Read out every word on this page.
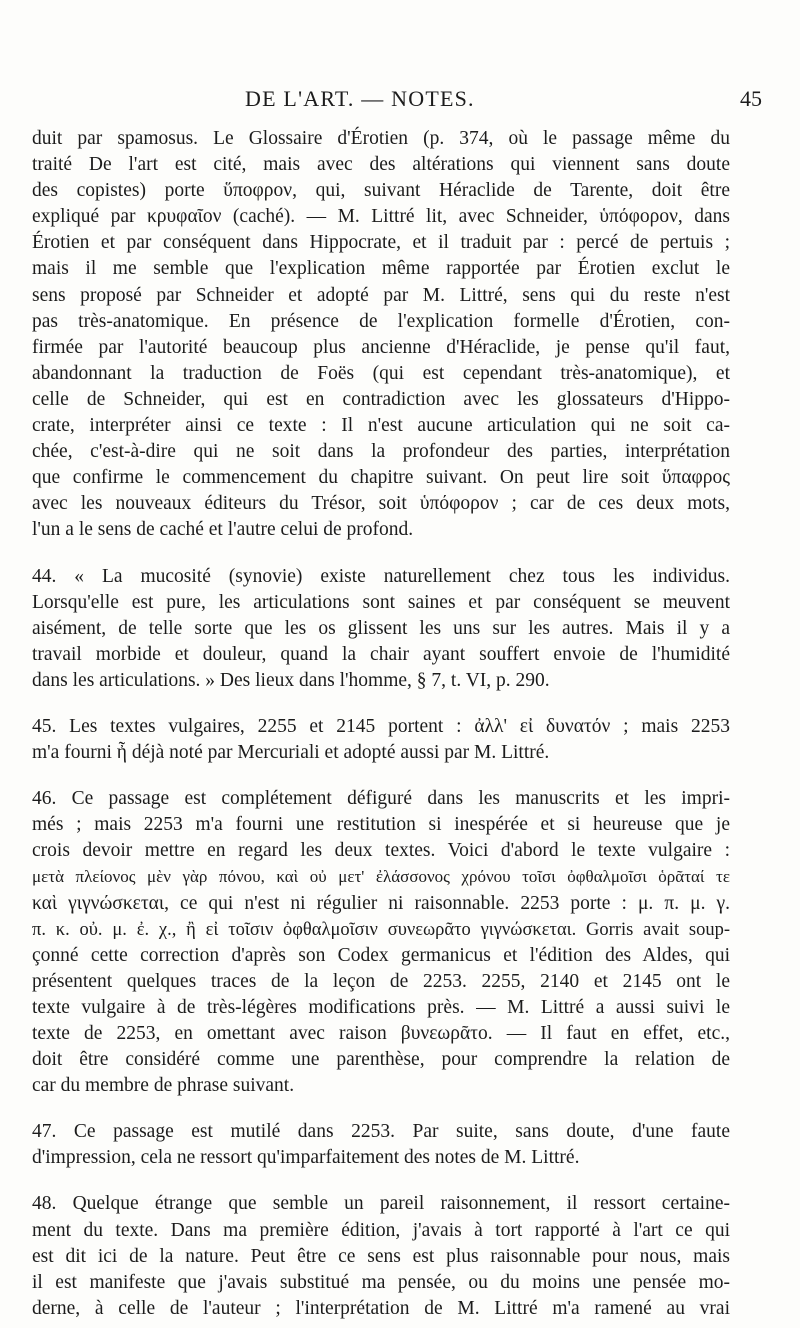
DE L'ART. — NOTES.	45
duit par spamosus. Le Glossaire d'Érotien (p. 374, où le passage même du
traité De l'art est cité, mais avec des altérations qui viennent sans doute
des copistes) porte ὕποφρον, qui, suivant Héraclide de Tarente, doit être
expliqué par κρυφαῖον (caché). — M. Littré lit, avec Schneider, ὑπόφορον, dans
Érotien et par conséquent dans Hippocrate, et il traduit par : percé de pertuis ;
mais il me semble que l'explication même rapportée par Érotien exclut le
sens proposé par Schneider et adopté par M. Littré, sens qui du reste n'est
pas très-anatomique. En présence de l'explication formelle d'Érotien, con-
firmée par l'autorité beaucoup plus ancienne d'Héraclide, je pense qu'il faut,
abandonnant la traduction de Foës (qui est cependant très-anatomique), et
celle de Schneider, qui est en contradiction avec les glossateurs d'Hippo-
crate, interpréter ainsi ce texte : Il n'est aucune articulation qui ne soit ca-
chée, c'est-à-dire qui ne soit dans la profondeur des parties, interprétation
que confirme le commencement du chapitre suivant. On peut lire soit ὕπαφρος
avec les nouveaux éditeurs du Trésor, soit ὑπόφορον ; car de ces deux mots,
l'un a le sens de caché et l'autre celui de profond.
44. « La mucosité (synovie) existe naturellement chez tous les individus.
Lorsqu'elle est pure, les articulations sont saines et par conséquent se meuvent
aisément, de telle sorte que les os glissent les uns sur les autres. Mais il y a
travail morbide et douleur, quand la chair ayant souffert envoie de l'humidité
dans les articulations. » Des lieux dans l'homme, § 7, t. VI, p. 290.
45. Les textes vulgaires, 2255 et 2145 portent : ἀλλ' εἰ δυνατόν ; mais 2253
m'a fourni ἦ déjà noté par Mercuriali et adopté aussi par M. Littré.
46. Ce passage est complétement défiguré dans les manuscrits et les impri-
més ; mais 2253 m'a fourni une restitution si inespérée et si heureuse que je
crois devoir mettre en regard les deux textes. Voici d'abord le texte vulgaire :
μετὰ πλείονος μὲν γὰρ πόνου, καὶ οὐ μετ' ἐλάσσονος χρόνου τοῖσι ὀφθαλμοῖσι ὁρᾶταί τε
καὶ γιγνώσκεται, ce qui n'est ni régulier ni raisonnable. 2253 porte : μ. π. μ. γ.
π. κ. οὐ. μ. ἐ. χ., ἢ εἰ τοῖσιν ὀφθαλμοῖσιν συνεωρᾶτο γιγνώσκεται. Gorris avait soup-
çonné cette correction d'après son Codex germanicus et l'édition des Aldes, qui
présentent quelques traces de la leçon de 2253. 2255, 2140 et 2145 ont le
texte vulgaire à de très-légères modifications près. — M. Littré a aussi suivi le
texte de 2253, en omettant avec raison βυνεωρᾶτο. — Il faut en effet, etc.,
doit être considéré comme une parenthèse, pour comprendre la relation de
car du membre de phrase suivant.
47. Ce passage est mutilé dans 2253. Par suite, sans doute, d'une faute
d'impression, cela ne ressort qu'imparfaitement des notes de M. Littré.
48. Quelque étrange que semble un pareil raisonnement, il ressort certaine-
ment du texte. Dans ma première édition, j'avais à tort rapporté à l'art ce qui
est dit ici de la nature. Peut être ce sens est plus raisonnable pour nous, mais
il est manifeste que j'avais substitué ma pensée, ou du moins une pensée mo-
derne, à celle de l'auteur ; l'interprétation de M. Littré m'a ramené au vrai
